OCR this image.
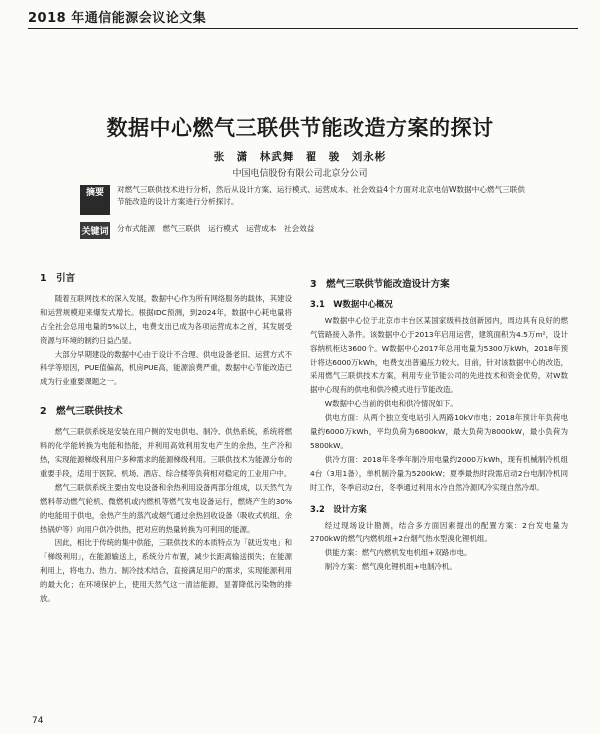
2018 年通信能源会议论文集
数据中心燃气三联供节能改造方案的探讨
张　潇　林武舞　翟　骏　刘永彬
中国电信股份有限公司北京分公司
摘要	对燃气三联供技术进行分析，然后从设计方案、运行模式、运营成本、社会效益4个方面对北京电信W数据中心燃气三联供节能改造的设计方案进行分析探讨。
关键词 分布式能源　燃气三联供　运行模式　运营成本　社会效益
1　引言

随着互联网技术的深入发展，数据中心作为所有网络服务的载体，其建设和运营规模迎来爆发式增长。根据IDC预测，到2024年，数据中心耗电量将占全社会总用电量的5%以上，电费支出已成为各项运营成本之首，其发展受资源与环境的制约日益凸显。

大部分早期建设的数据中心由于设计不合理、供电设备老旧、运营方式不科学等原因，PUE值偏高，机房PUE高，能源浪费严重，数据中心节能改造已成为行业重要课题之一。

2　燃气三联供技术

燃气三联供系统是安装在用户侧的发电供电、制冷、供热系统，系统将燃料的化学能转换为电能和热能，并利用高效利用发电产生的余热，生产冷和热，实现能源梯级利用户多种需求的能源梯级利用。三联供技术为能源分布的重要手段，适用于医院、机场、酒店、综合楼等负荷相对稳定的工业用户中。

燃气三联供系统主要由发电设备和余热利用设备两部分组成，以天然气为燃料带动燃气轮机、微燃机或内燃机等燃气发电设备运行，燃烧产生的30%的电能用于供电，余热产生的蒸汽或烟气通过余热回收设备（吸收式机组、余热锅炉等）向用户供冷供热，把对应的热量转换为可利用的能源。

因此，相比于传统的集中供能，三联供技术的本质特点为「就近发电」和「梯级利用」，在能源输送上，系统分片布置，减少长距离输送损失；在能源利用上，将电力、热力、制冷技术结合，直接满足用户的需求，实现能源利用的最大化；在环境保护上，使用天然气这一清洁能源，显著降低污染物的排放。

3　燃气三联供节能改造设计方案
3.1　W数据中心概况

W数据中心位于北京市丰台区某国家级科技创新园内，周边具有良好的燃气管路接入条件。该数据中心于2013年启用运营，建筑面积为4.5万m²，设计容纳机柜达3600个。W数据中心2017年总用电量为5300万kWh，2018年预计将达6000万kWh，电费支出普遍压力较大。目前，针对该数据中心的改造，采用燃气三联供技术方案，利用专业节能公司的先进技术和资金优势，对W数据中心现有的供电和供冷模式进行节能改造。

W数据中心当前的供电和供冷情况如下。

供电方面：从两个独立变电站引入两路10kV市电；2018年预计年负荷电量约6000万kWh，平均负荷为6800kW，最大负荷为8000kW，最小负荷为5800kW。

供冷方面：2018年冬季年制冷用电量约2000万kWh，现有机械制冷机组4台（3用1备），单机制冷量为5200kW；夏季最热时段需启动2台电制冷机同时工作，冬季启动2台，冬季通过利用水冷自然冷源风冷实现自然冷却。

3.2　设计方案

经过现场设计勘测，结合多方面因素提出的配置方案：2台发电量为2700kW的燃气内燃机组+2台烟气热水型溴化锂机组。

供能方案：燃气内燃机发电机组+双路市电。

制冷方案：燃气溴化锂机组+电制冷机。

74
